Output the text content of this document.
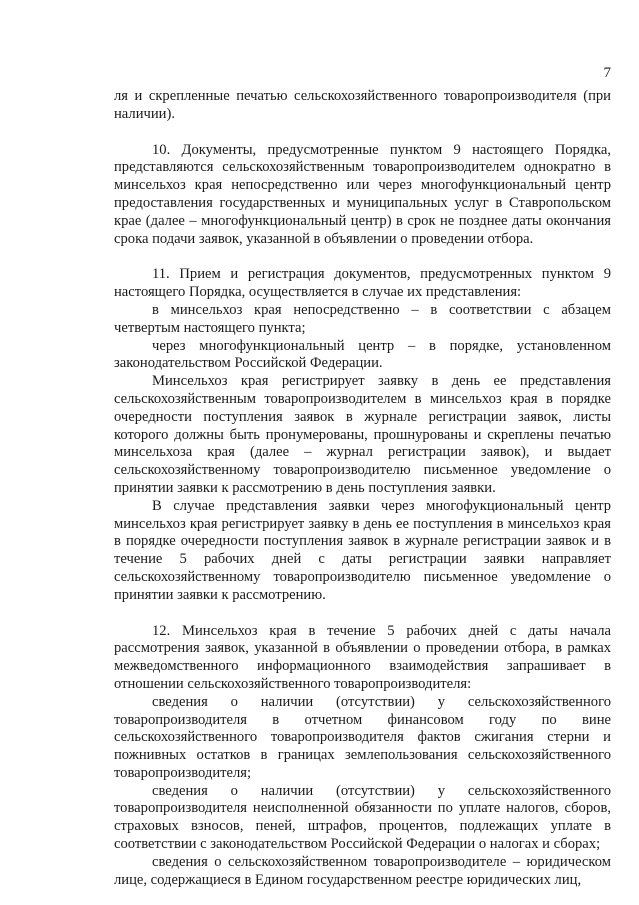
7

ля и скрепленные печатью сельскохозяйственного товаропроизводителя (при наличии).

10. Документы, предусмотренные пунктом 9 настоящего Порядка, представляются сельскохозяйственным товаропроизводителем однократно в минсельхоз края непосредственно или через многофункциональный центр предоставления государственных и муниципальных услуг в Ставропольском крае (далее – многофункциональный центр) в срок не позднее даты окончания срока подачи заявок, указанной в объявлении о проведении отбора.

11. Прием и регистрация документов, предусмотренных пунктом 9 настоящего Порядка, осуществляется в случае их представления:

в минсельхоз края непосредственно – в соответствии с абзацем четвертым настоящего пункта;

через многофункциональный центр – в порядке, установленном законодательством Российской Федерации.

Минсельхоз края регистрирует заявку в день ее представления сельскохозяйственным товаропроизводителем в минсельхоз края в порядке очередности поступления заявок в журнале регистрации заявок, листы которого должны быть пронумерованы, прошнурованы и скреплены печатью минсельхоза края (далее – журнал регистрации заявок), и выдает сельскохозяйственному товаропроизводителю письменное уведомление о принятии заявки к рассмотрению в день поступления заявки.

В случае представления заявки через многофукциональный центр минсельхоз края регистрирует заявку в день ее поступления в минсельхоз края в порядке очередности поступления заявок в журнале регистрации заявок и в течение 5 рабочих дней с даты регистрации заявки направляет сельскохозяйственному товаропроизводителю письменное уведомление о принятии заявки к рассмотрению.

12. Минсельхоз края в течение 5 рабочих дней с даты начала рассмотрения заявок, указанной в объявлении о проведении отбора, в рамках межведомственного информационного взаимодействия запрашивает в отношении сельскохозяйственного товаропроизводителя:

сведения о наличии (отсутствии) у сельскохозяйственного товаропроизводителя в отчетном финансовом году по вине сельскохозяйственного товаропроизводителя фактов сжигания стерни и пожнивных остатков в границах землепользования сельскохозяйственного товаропроизводителя;

сведения о наличии (отсутствии) у сельскохозяйственного товаропроизводителя неисполненной обязанности по уплате налогов, сборов, страховых взносов, пеней, штрафов, процентов, подлежащих уплате в соответствии с законодательством Российской Федерации о налогах и сборах;

сведения о сельскохозяйственном товаропроизводителе – юридическом лице, содержащиеся в Едином государственном реестре юридических лиц,
